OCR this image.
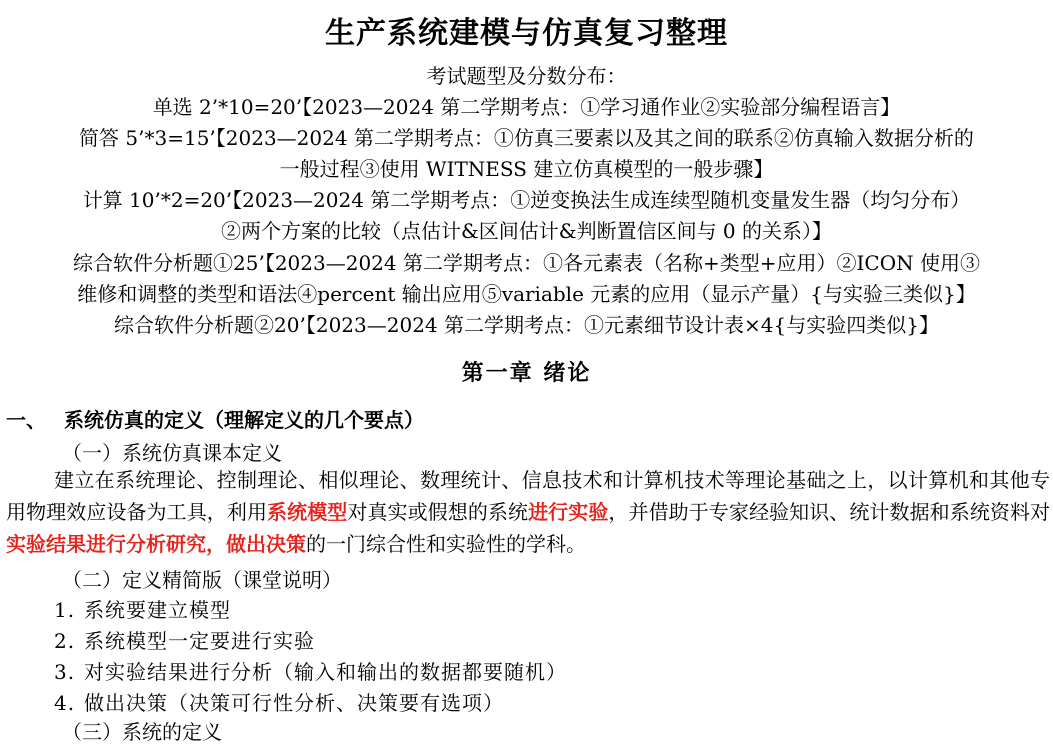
生产系统建模与仿真复习整理
考试题型及分数分布：
单选 2’*10=20’【2023—2024 第二学期考点：①学习通作业②实验部分编程语言】
简答 5’*3=15’【2023—2024 第二学期考点：①仿真三要素以及其之间的联系②仿真输入数据分析的
一般过程③使用 WITNESS 建立仿真模型的一般步骤】
计算 10’*2=20’【2023—2024 第二学期考点：①逆变换法生成连续型随机变量发生器（均匀分布）
②两个方案的比较（点估计&区间估计&判断置信区间与 0 的关系）】
综合软件分析题①25’【2023—2024 第二学期考点：①各元素表（名称+类型+应用）②ICON 使用③
维修和调整的类型和语法④percent 输出应用⑤variable 元素的应用（显示产量）{与实验三类似}】
综合软件分析题②20’【2023—2024 第二学期考点：①元素细节设计表×4{与实验四类似}】
第一章 绪论
一、 系统仿真的定义（理解定义的几个要点）
（一）系统仿真课本定义
建立在系统理论、控制理论、相似理论、数理统计、信息技术和计算机技术等理论基础之上，以计算机和其他专用物理效应设备为工具，利用系统模型对真实或假想的系统进行实验，并借助于专家经验知识、统计数据和系统资料对实验结果进行分析研究，做出决策的一门综合性和实验性的学科。
（二）定义精简版（课堂说明）
1. 系统要建立模型
2. 系统模型一定要进行实验
3. 对实验结果进行分析（输入和输出的数据都要随机）
4. 做出决策（决策可行性分析、决策要有选项）
（三）系统的定义
